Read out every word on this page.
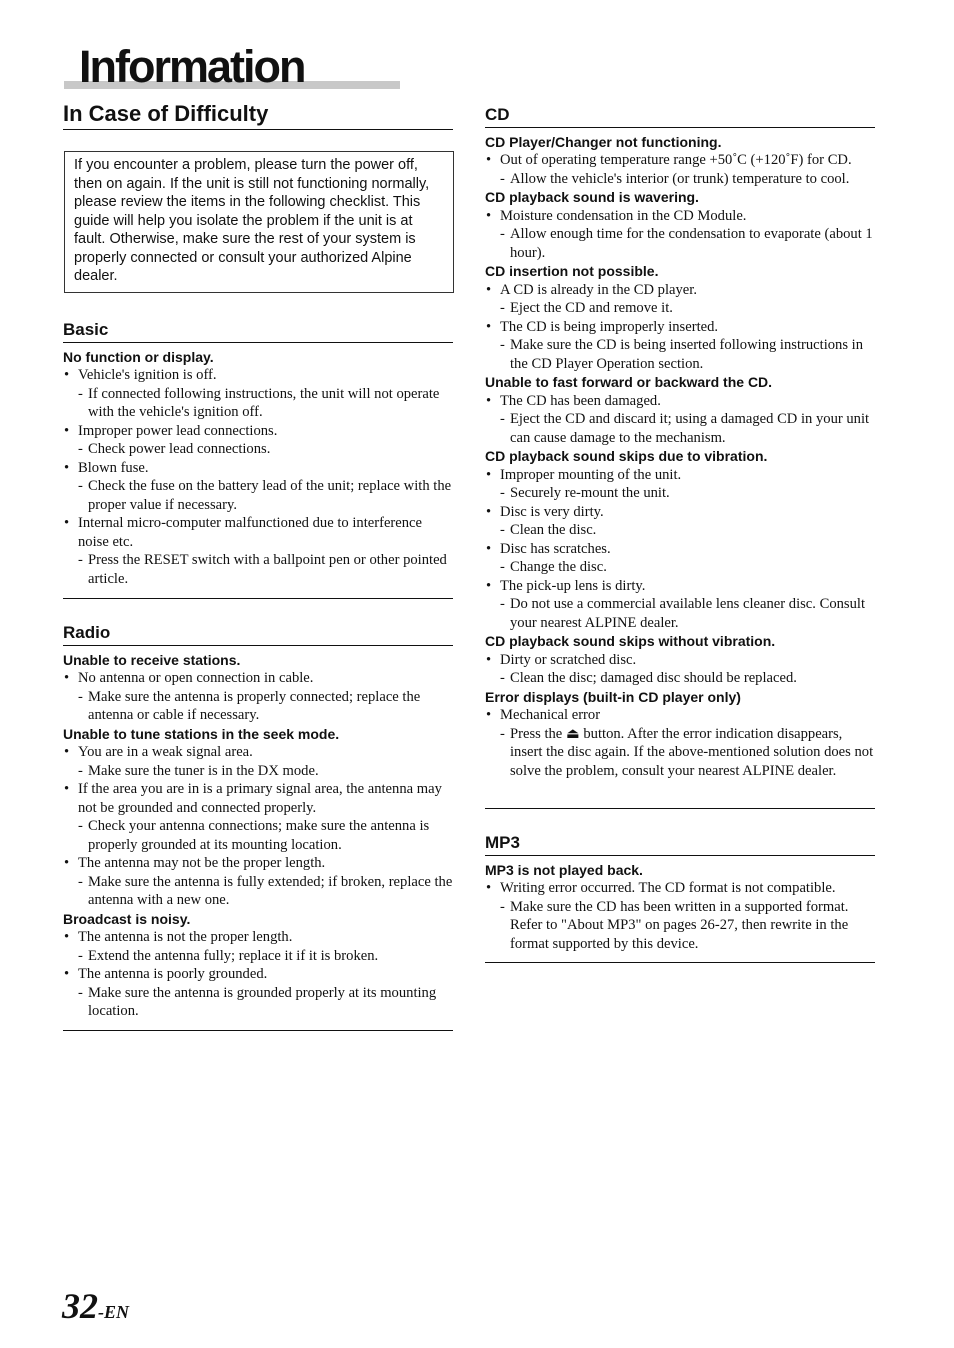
Information
In Case of Difficulty
If you encounter a problem, please turn the power off, then on again. If the unit is still not functioning normally, please review the items in the following checklist. This guide will help you isolate the problem if the unit is at fault. Otherwise, make sure the rest of your system is properly connected or consult your authorized Alpine dealer.
Basic

No function or display.

• Vehicle's ignition is off.
- If connected following instructions, the unit will not operate with the vehicle's ignition off.
• Improper power lead connections.
- Check power lead connections.
• Blown fuse.
- Check the fuse on the battery lead of the unit; replace with the proper value if necessary.
• Internal micro-computer malfunctioned due to interference noise etc.
- Press the RESET switch with a ballpoint pen or other pointed article.
Radio

Unable to receive stations.

• No antenna or open connection in cable.
- Make sure the antenna is properly connected; replace the antenna or cable if necessary.

Unable to tune stations in the seek mode.

• You are in a weak signal area.
- Make sure the tuner is in the DX mode.
• If the area you are in is a primary signal area, the antenna may not be grounded and connected properly.
- Check your antenna connections; make sure the antenna is properly grounded at its mounting location.
• The antenna may not be the proper length.
- Make sure the antenna is fully extended; if broken, replace the antenna with a new one.

Broadcast is noisy.

• The antenna is not the proper length.
- Extend the antenna fully; replace it if it is broken.
• The antenna is poorly grounded.
- Make sure the antenna is grounded properly at its mounting location.
CD

CD Player/Changer not functioning.

• Out of operating temperature range +50˚C (+120˚F) for CD.
- Allow the vehicle's interior (or trunk) temperature to cool.

CD playback sound is wavering.

• Moisture condensation in the CD Module.
- Allow enough time for the condensation to evaporate (about 1 hour).

CD insertion not possible.

• A CD is already in the CD player.
- Eject the CD and remove it.
• The CD is being improperly inserted.
- Make sure the CD is being inserted following instructions in the CD Player Operation section.

Unable to fast forward or backward the CD.

• The CD has been damaged.
- Eject the CD and discard it; using a damaged CD in your unit can cause damage to the mechanism.

CD playback sound skips due to vibration.

• Improper mounting of the unit.
- Securely re-mount the unit.
• Disc is very dirty.
- Clean the disc.
• Disc has scratches.
- Change the disc.
• The pick-up lens is dirty.
- Do not use a commercial available lens cleaner disc. Consult your nearest ALPINE dealer.

CD playback sound skips without vibration.

• Dirty or scratched disc.
- Clean the disc; damaged disc should be replaced.

Error displays (built-in CD player only)

• Mechanical error
- Press the ⏏ button. After the error indication disappears, insert the disc again. If the above-mentioned solution does not solve the problem, consult your nearest ALPINE dealer.
MP3

MP3 is not played back.

• Writing error occurred. The CD format is not compatible.
- Make sure the CD has been written in a supported format. Refer to "About MP3" on pages 26-27, then rewrite in the format supported by this device.
32-EN
